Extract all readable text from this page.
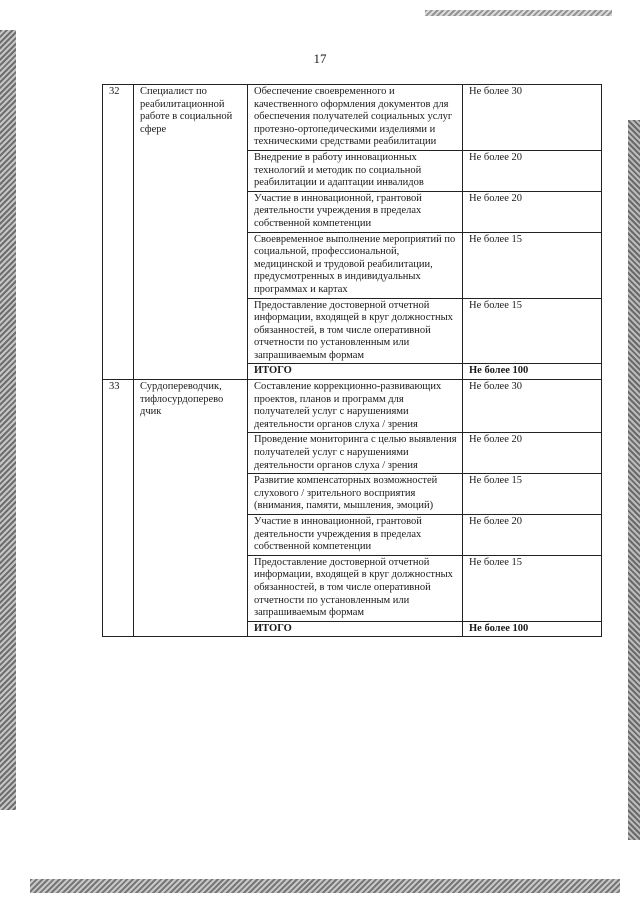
17
32	Специалист по реабилитационной работе в социальной сфере	Обеспечение своевременного и качественного оформления документов для обеспечения получателей социальных услуг протезно-ортопедическими изделиями и техническими средствами реабилитации	Не более 30
		Внедрение в работу инновационных технологий и методик по социальной реабилитации и адаптации инвалидов	Не более 20
		Участие в инновационной, грантовой деятельности учреждения в пределах собственной компетенции	Не более 20
		Своевременное выполнение мероприятий по социальной, профессиональной, медицинской и трудовой реабилитации, предусмотренных в индивидуальных программах и картах	Не более 15
		Предоставление достоверной отчетной информации, входящей в круг должностных обязанностей, в том числе оперативной отчетности по установленным или запрашиваемым формам	Не более 15
		ИТОГО	Не более 100
33	Сурдопереводчик, тифлосурдоперево дчик	Составление коррекционно-развивающих проектов, планов и программ для получателей услуг с нарушениями деятельности органов слуха / зрения	Не более 30
		Проведение мониторинга с целью выявления получателей услуг с нарушениями деятельности органов слуха / зрения	Не более 20
		Развитие компенсаторных возможностей слухового / зрительного восприятия (внимания, памяти, мышления, эмоций)	Не более 15
		Участие в инновационной, грантовой деятельности учреждения в пределах собственной компетенции	Не более 20
		Предоставление достоверной отчетной информации, входящей в круг должностных обязанностей, в том числе оперативной отчетности по установленным или запрашиваемым формам	Не более 15
		ИТОГО	Не более 100
